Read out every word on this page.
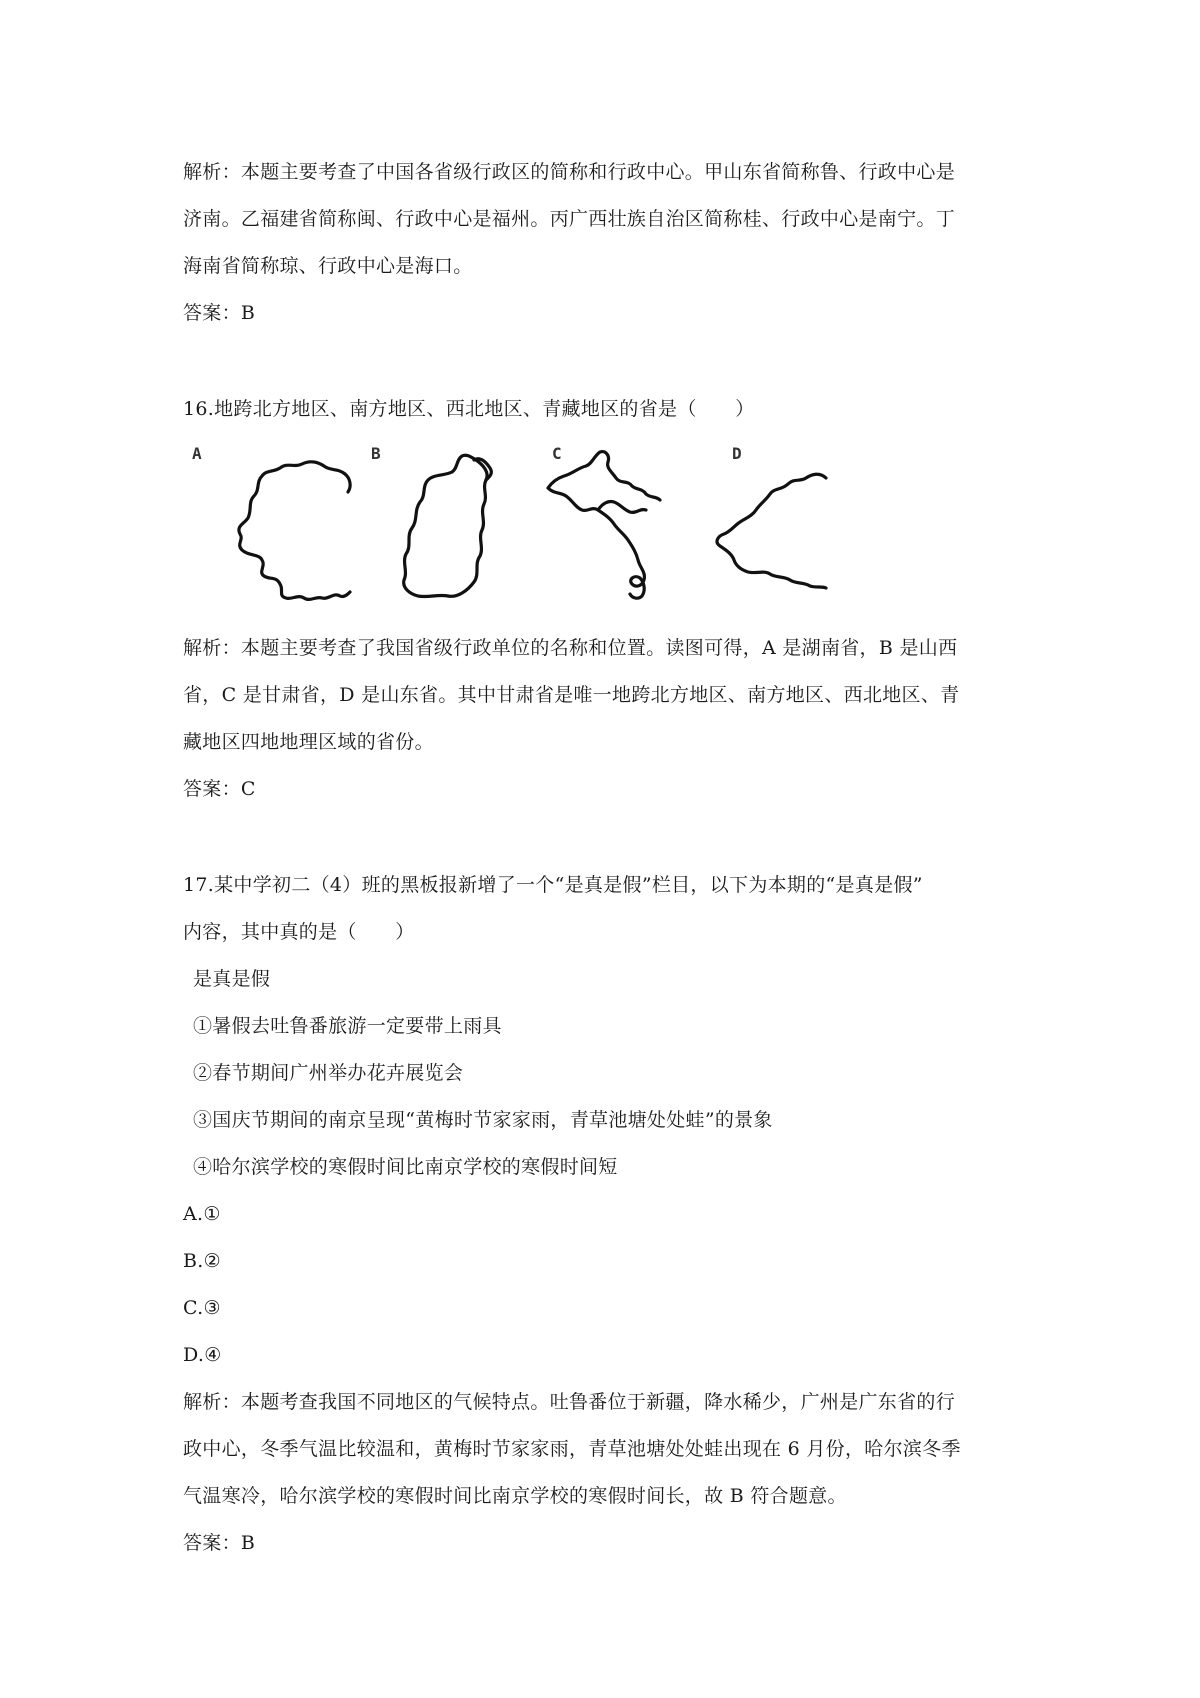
解析：本题主要考查了中国各省级行政区的简称和行政中心。甲山东省简称鲁、行政中心是
济南。乙福建省简称闽、行政中心是福州。丙广西壮族自治区简称桂、行政中心是南宁。丁
海南省简称琼、行政中心是海口。
答案：B
16.地跨北方地区、南方地区、西北地区、青藏地区的省是（　　）
A	B	C	D
解析：本题主要考查了我国省级行政单位的名称和位置。读图可得，A 是湖南省，B 是山西
省，C 是甘肃省，D 是山东省。其中甘肃省是唯一地跨北方地区、南方地区、西北地区、青
藏地区四地地理区域的省份。
答案：C
17.某中学初二（4）班的黑板报新增了一个“是真是假”栏目，以下为本期的“是真是假”
内容，其中真的是（　　）
是真是假
①暑假去吐鲁番旅游一定要带上雨具
②春节期间广州举办花卉展览会
③国庆节期间的南京呈现“黄梅时节家家雨，青草池塘处处蛙”的景象
④哈尔滨学校的寒假时间比南京学校的寒假时间短
A.①
B.②
C.③
D.④
解析：本题考查我国不同地区的气候特点。吐鲁番位于新疆，降水稀少，广州是广东省的行
政中心，冬季气温比较温和，黄梅时节家家雨，青草池塘处处蛙出现在 6 月份，哈尔滨冬季
气温寒冷，哈尔滨学校的寒假时间比南京学校的寒假时间长，故 B 符合题意。
答案：B
